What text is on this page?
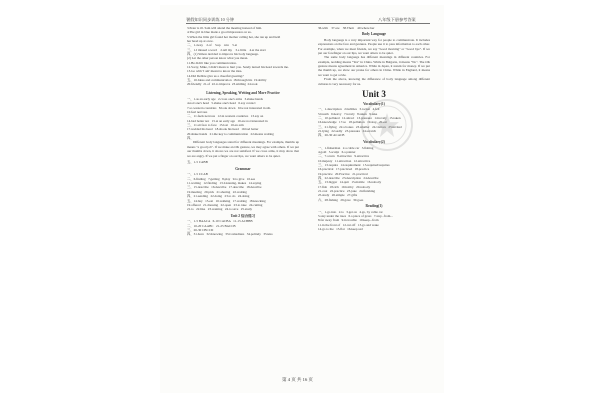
暑假知识同步训练 10 分钟	八年级下册参考答案
3.Peter is ill. Sam will attend the meeting instead of him.
4.The girl in blue made a good impression on us.
5.When the little girl found her mother calling her, she ran up and held
her head up at once.
二、1.away    2.of    3.up    4.in    5.at
三、1.I missed a word    2.tell my    3.a little    4.at the start
四、(1) Simon decided to improve his body language.
(2) Let the other person know what you mean.
11.He didn't like you communication.
12.Sorry, Mike, I didn't mean to hurt you. Sandy turned his head towards me.
13.Go with 'I am' meant to know the idea.
14.Did Debbie give us a cheerful greeting?
五、16.Ideas and communication  18.through his  19.ability
20.friendly  21.of  22.to improve  23.smiling  24.took
Listening, Speaking, Writing and More Practice
一、1.as an early age   2.cross one's arms   3.shake hands
4.nod one's head   5.shake one's head   6.say contact
7.so western countries   8.look down   9.be not interested in sth.
10.feel nervous
二、11.feels nervous   12.in western countries   13.say on
14.bad better not   15.at an early age   16.are not interested in
三、11.sit face to face   15.lost   16.an arm
17.nodded his head   18.shook his head   19.bad better
20.shake hands   21.the key to communication   22.means waiting
四、
Different body languages stand for different meanings. For example, thumbs up means "a good job". If we make an OK gesture, we may agree with others. If we put our thumbs down, it shows we are not satisfied. If we cross arms, it may show that we are angry. If we put a finger on our lips, we want others to be quiet.
五、1-5 CABB
Grammar
一、1-5 CCAB
二、6.finding   7.getting   8.play   9.to give   10.see
11.waiting   12.finding   13.Listening, makes   14.saying
三、15.describe   16.describe   17.describe   18.describe
19.meeting   20.pick   21.sharing   22.waiting
四、21.sending   22.doing   23.to do   24.doing
五、14.buy   15.eat   16.walking   17.waiting   18.knocking
19.offered   21.dressing   22.open   23.to take   24.cutting
21.to   22.like   23.wanting   24.to save   25.study
Unit 2 综合练习
一、1-5 BAACA   6-10 CACBA   11-15 ACBBB
二、16-20 CAABC   21-25 BACCB
三、26-30 CBCCD
四、31.have   32.Knowing   33.Comedians   34.politely   35.kiss
36.with    37.are    38.Their    40.where her
Body Language
Body language is a very important way for people to communicate. It includes expressions on the face and gestures. People use it to pass information to each other. For example, when we meet friends, we say "Good morning" or "Good bye". If we put our forefinger on our lips, we want others to be quiet.
The same body language has different meanings in different countries. For example, nodding means "Yes" in China. While in Bulgaria, it means "No". The OK gesture means agreement in America. While in Japan, it stands for money. If we put the thumb up, we show our praise for others in China. While in England, it means we want to get a ride.
From the above, knowing the difference of body language among different cultures is very necessary for us.
Unit 3
Vocabulary(1)
一、1.description   2.bubbles   3.rocket   4.fell
5.breath   6.heavy   7.lovely   8.taken   9.take
二、10.polluted   12.attract   13.pressure   14.lovely   15.taken
16.knowledge   17.so   18.pollution   19.stay   20.eat
三、21.flying   22.a bonus   23.smaller   24.visitors   25.invited
21.lying   22.sadly   23.pressure   24.scratch
四、26-30 ACACB
Vocabulary(2)
一、1.fisherman   2.a cable car   3.fishing
4.gold   5.sculpt   6.a painter
二、7.a turn   8.attractive   9.attractive
10.majesty   11.attraction   12.attractive
三、13.require   14.requirement   15.required/requires
16.practical   17.practiced   18.practice
19.practice   20.Practice   21.practical
四、22.describe   23.description   24.describe
五、13.bigger   14.quit   15.mobile   16.nobody
17.fish   18.rich   19.hobby   20.nobody
21.cost   22.practice   23.joke   24.finishing
25.study   26.simple   27.gifts
六、28.fishing   29.gave   30.goes
Reading(1)
一、1.go into   2.to   3.get on   4.go, by cable car
5.stay under the trees   6.a piece of grass   7.stay...from...
8.far away from   9.in trouble   10.keep...from
11.in the front of   12.cut off   13.go and wake
14.go to the   15.flat   16.keep sad
第 4 页 共 16 页
